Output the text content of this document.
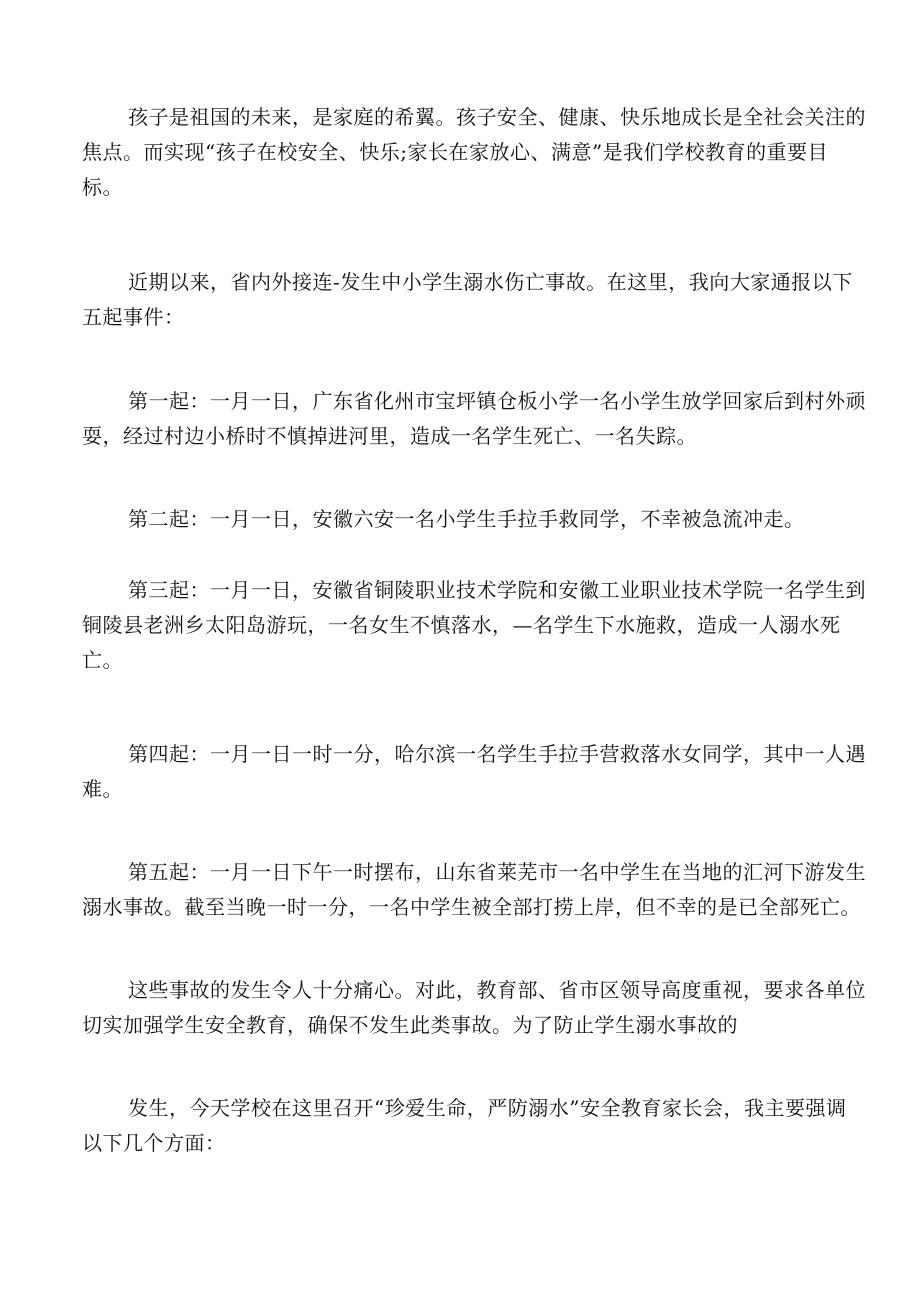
孩子是祖国的未来，是家庭的希翼。孩子安全、健康、快乐地成长是全社会关注的
焦点。而实现“孩子在校安全、快乐;家长在家放心、满意”是我们学校教育的重要目
标。

近期以来，省内外接连-发生中小学生溺水伤亡事故。在这里，我向大家通报以下
五起事件：

第一起：一月一日，广东省化州市宝坪镇仓板小学一名小学生放学回家后到村外顽
耍，经过村边小桥时不慎掉进河里，造成一名学生死亡、一名失踪。

第二起：一月一日，安徽六安一名小学生手拉手救同学，不幸被急流冲走。

第三起：一月一日，安徽省铜陵职业技术学院和安徽工业职业技术学院一名学生到
铜陵县老洲乡太阳岛游玩，一名女生不慎落水，—名学生下水施救，造成一人溺水死
亡。

第四起：一月一日一时一分，哈尔滨一名学生手拉手营救落水女同学，其中一人遇
难。

第五起：一月一日下午一时摆布，山东省莱芜市一名中学生在当地的汇河下游发生
溺水事故。截至当晚一时一分，一名中学生被全部打捞上岸，但不幸的是已全部死亡。

这些事故的发生令人十分痛心。对此，教育部、省市区领导高度重视，要求各单位
切实加强学生安全教育，确保不发生此类事故。为了防止学生溺水事故的

发生，今天学校在这里召开“珍爱生命，严防溺水”安全教育家长会，我主要强调
以下几个方面：
